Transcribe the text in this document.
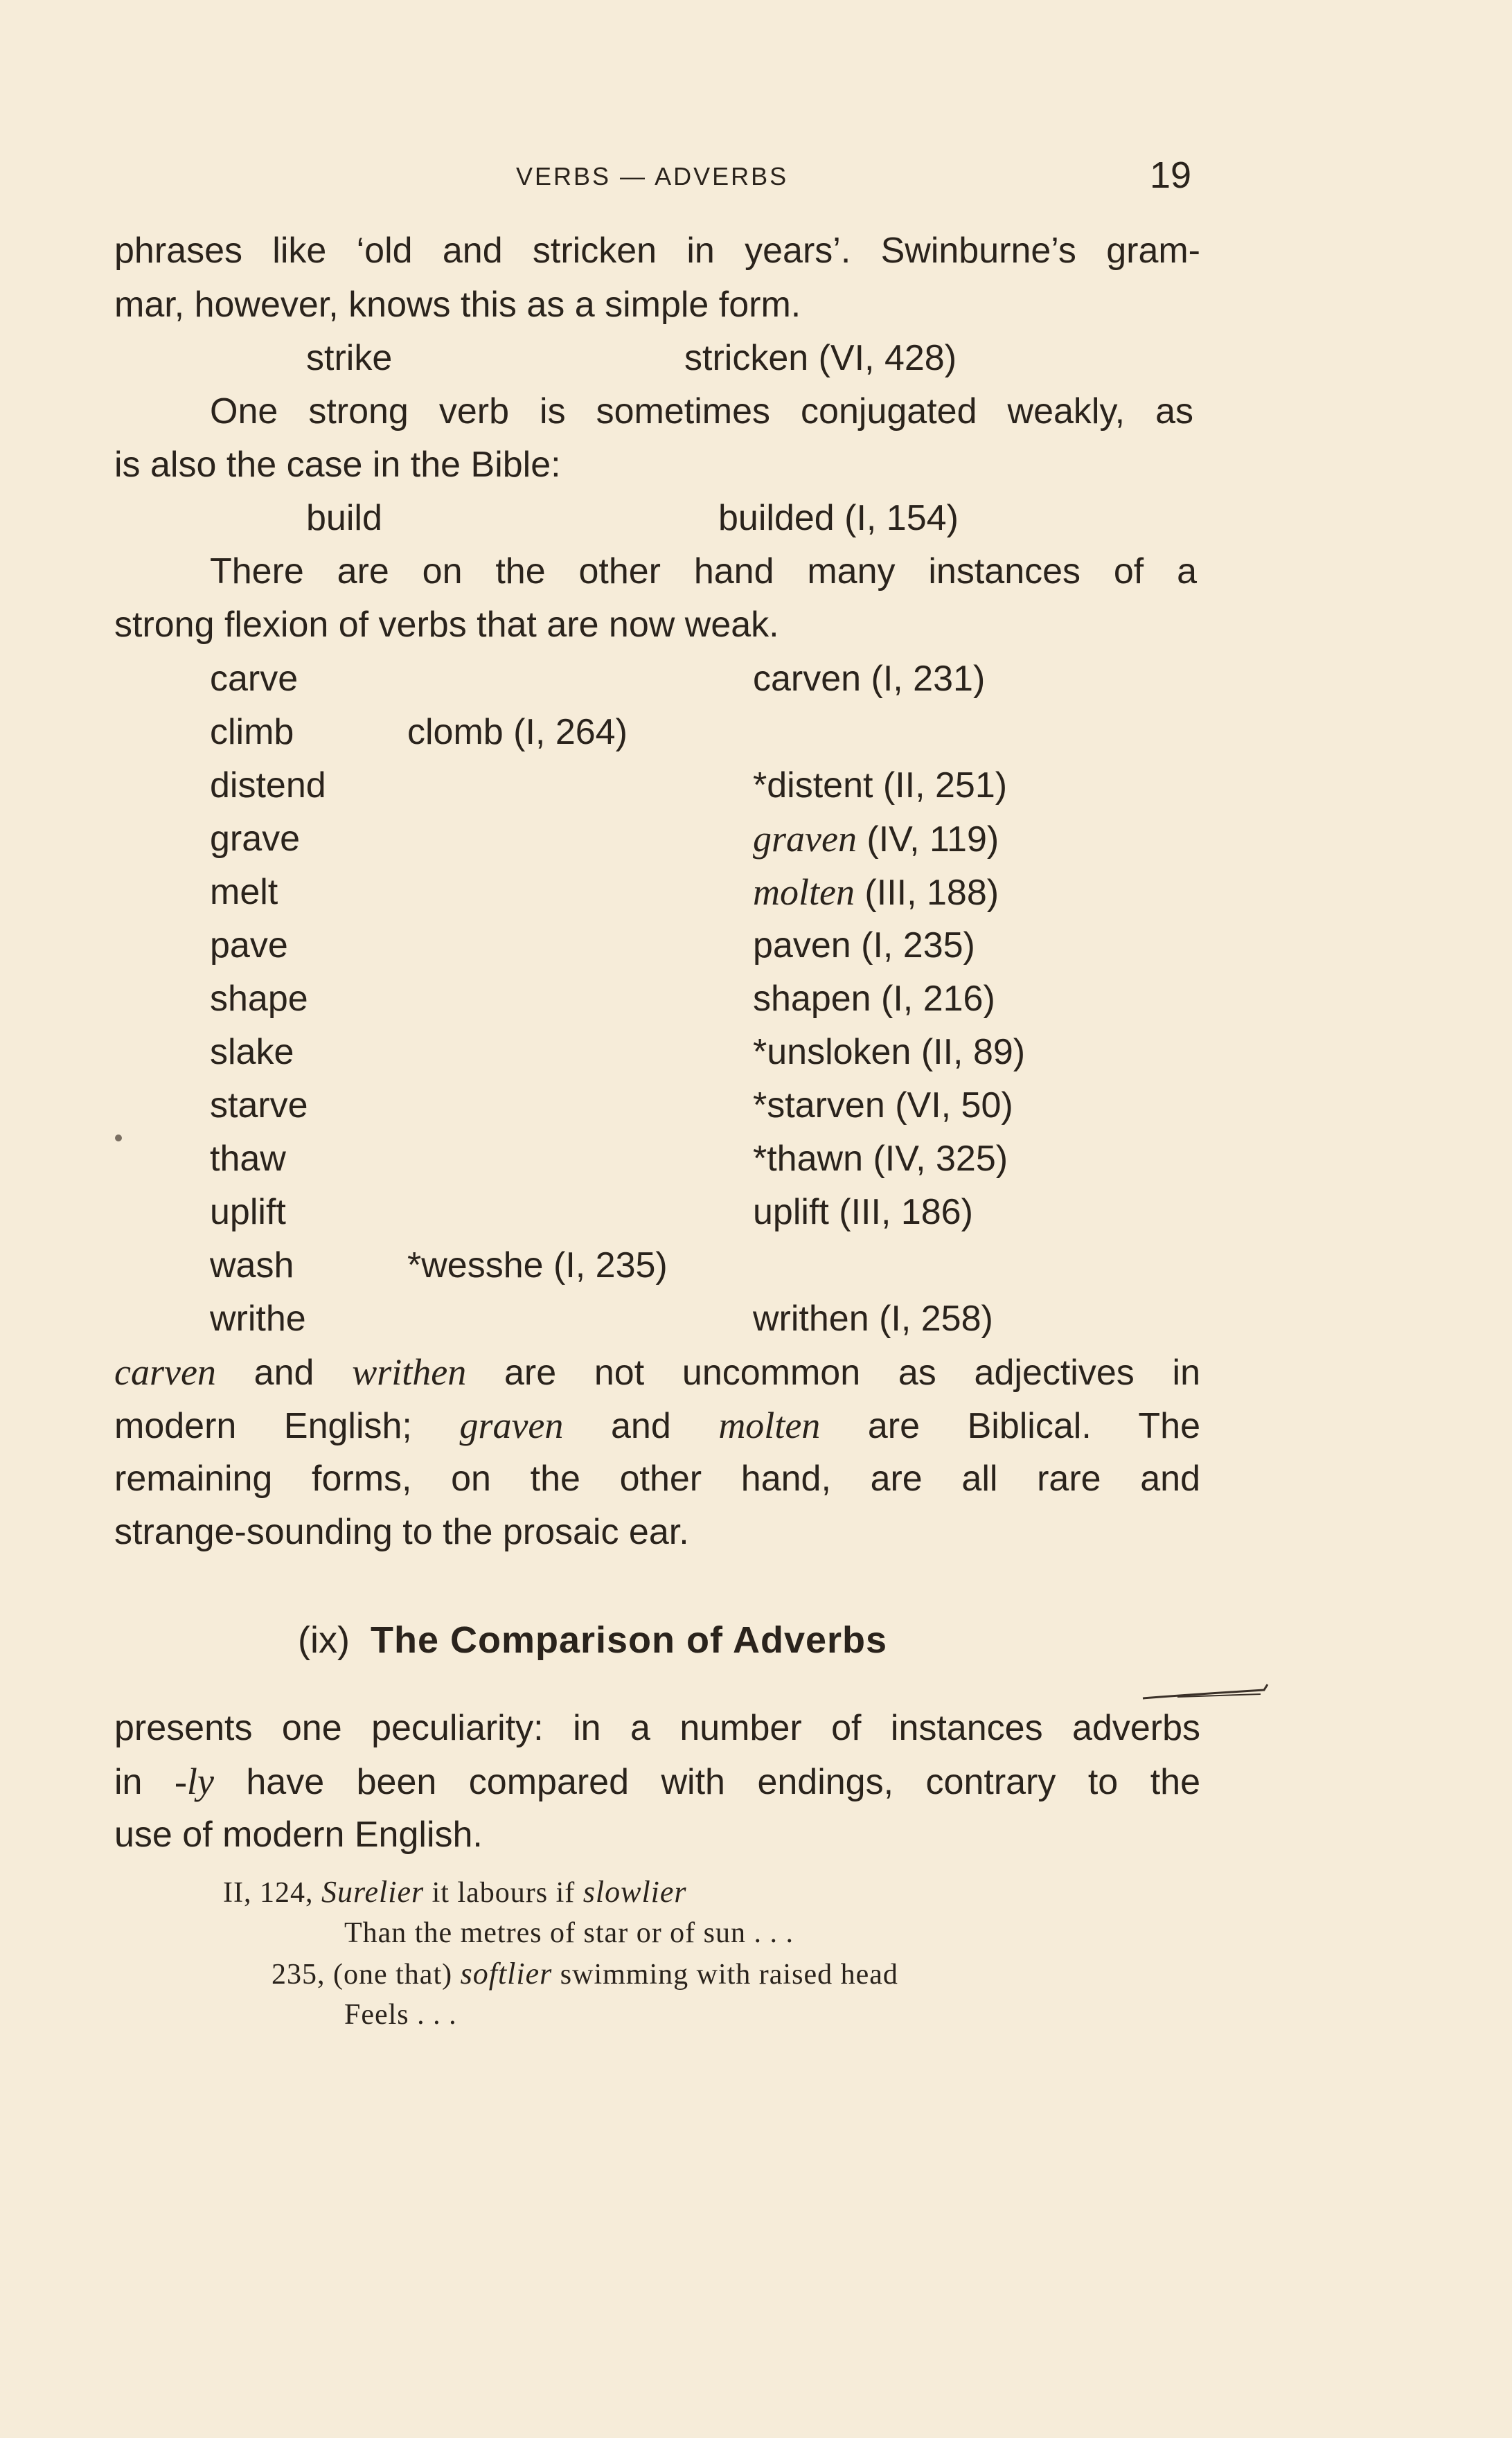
VERBS — ADVERBS	19
phrases like ‘old and stricken in years’. Swinburne’s gram-
mar, however, knows this as a simple form.
strike	stricken (VI, 428)
One strong verb is sometimes conjugated weakly, as
is also the case in the Bible:
build	builded (I, 154)
There are on the other hand many instances of a
strong flexion of verbs that are now weak.
carve	carven (I, 231)
climb	clomb (I, 264)
distend	*distent (II, 251)
grave	graven (IV, 119)
melt	molten (III, 188)
pave	paven (I, 235)
shape	shapen (I, 216)
slake	*unsloken (II, 89)
starve	*starven (VI, 50)
thaw	*thawn (IV, 325)
uplift	uplift (III, 186)
wash	*wesshe (I, 235)
writhe	writhen (I, 258)
carven and writhen are not uncommon as adjectives in
modern English; graven and molten are Biblical. The
remaining forms, on the other hand, are all rare and
strange-sounding to the prosaic ear.
(ix) The Comparison of Adverbs
presents one peculiarity: in a number of instances adverbs
in -ly have been compared with endings, contrary to the
use of modern English.
II, 124, Surelier it labours if slowlier
Than the metres of star or of sun . . .
235, (one that) softlier swimming with raised head
Feels . . .
